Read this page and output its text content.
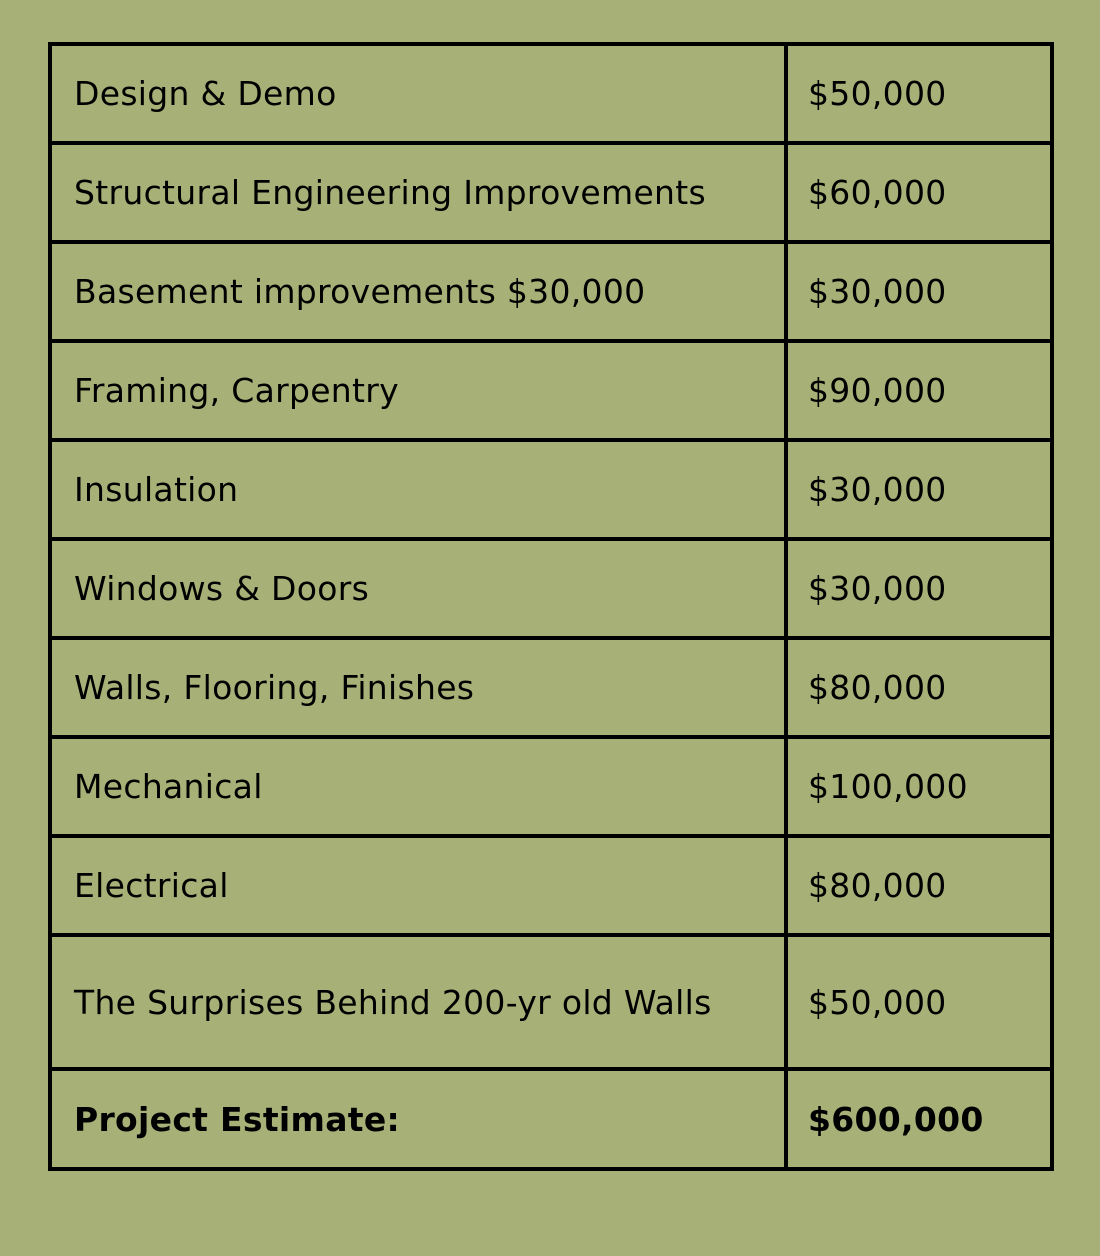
Design & Demo	$50,000
Structural Engineering Improvements	$60,000
Basement improvements $30,000	$30,000
Framing, Carpentry	$90,000
Insulation	$30,000
Windows & Doors	$30,000
Walls, Flooring, Finishes	$80,000
Mechanical	$100,000
Electrical	$80,000
The Surprises Behind 200-yr old Walls	$50,000
Project Estimate:	$600,000
